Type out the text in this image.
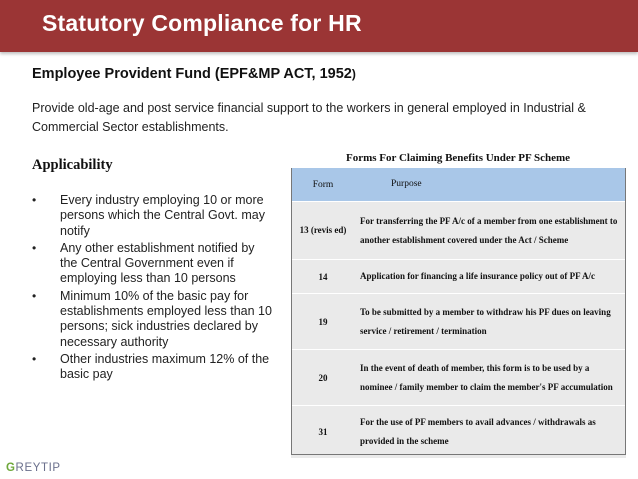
Statutory Compliance for HR
Employee Provident Fund (EPF&MP ACT, 1952)
Provide old-age and post service financial support to the workers in general employed in Industrial & Commercial Sector establishments.
Applicability
• Every industry employing 10 or more persons which the Central Govt. may notify
• Any other establishment notified by the Central Government even if employing less than 10 persons
• Minimum 10% of the basic pay for establishments employed less than 10 persons; sick industries declared by necessary authority
• Other industries maximum 12% of the basic pay
Forms For Claiming Benefits Under PF Scheme
Form	Purpose
13 (revis ed)	For transferring the PF A/c of a member from one establishment to another establishment covered under the Act / Scheme
14	Application for financing a life insurance policy out of PF A/c
19	To be submitted by a member to withdraw his PF dues on leaving service / retirement / termination
20	In the event of death of member, this form is to be used by a nominee / family member to claim the member's PF accumulation
31	For the use of PF members to avail advances / withdrawals as provided in the scheme
GREYTIP
